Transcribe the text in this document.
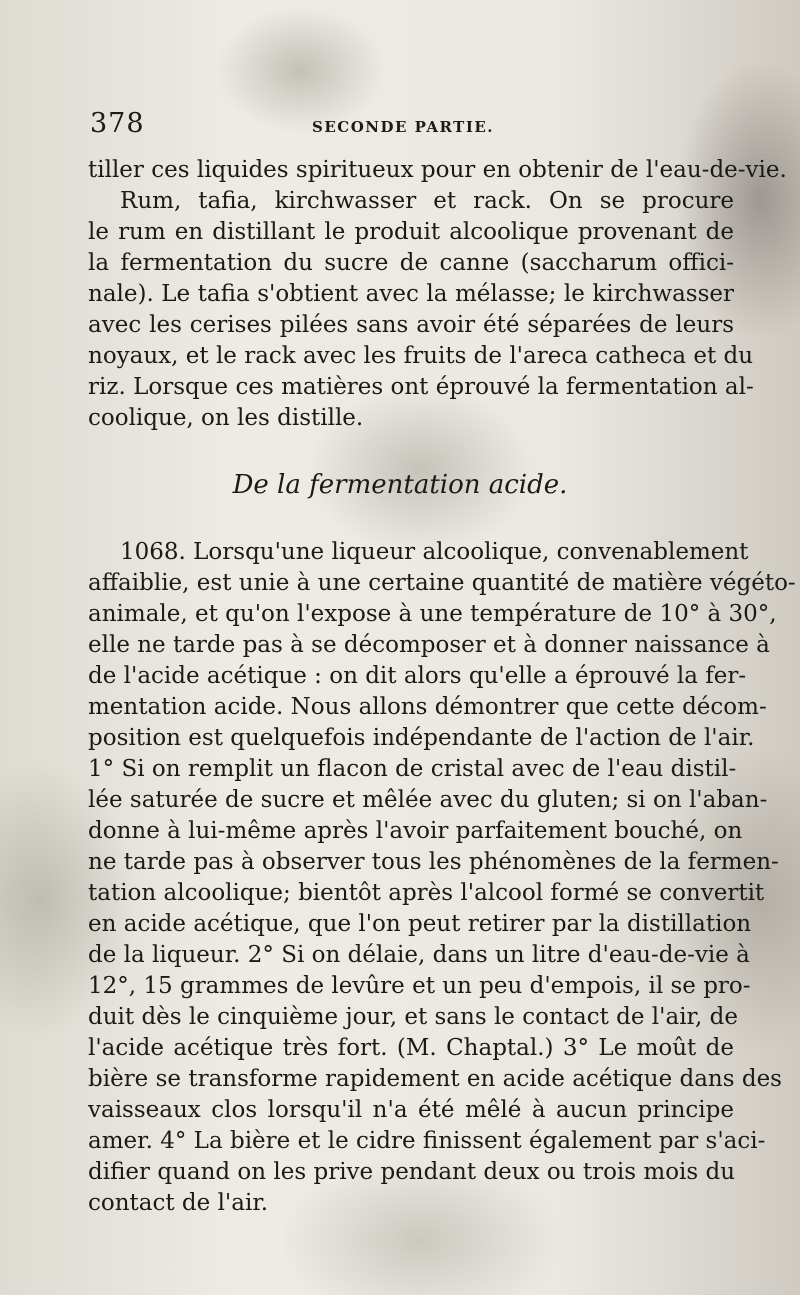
378	SECONDE PARTIE.
tiller ces liquides spiritueux pour en obtenir de l'eau-de-vie.
Rum, tafia, kirchwasser et rack. On se procure
le rum en distillant le produit alcoolique provenant de
la fermentation du sucre de canne (saccharum offici-
nale). Le tafia s'obtient avec la mélasse; le kirchwasser
avec les cerises pilées sans avoir été séparées de leurs
noyaux, et le rack avec les fruits de l'areca catheca et du
riz. Lorsque ces matières ont éprouvé la fermentation al-
coolique, on les distille.
De la fermentation acide.
1068. Lorsqu'une liqueur alcoolique, convenablement
affaiblie, est unie à une certaine quantité de matière végéto-
animale, et qu'on l'expose à une température de 10° à 30°,
elle ne tarde pas à se décomposer et à donner naissance à
de l'acide acétique : on dit alors qu'elle a éprouvé la fer-
mentation acide. Nous allons démontrer que cette décom-
position est quelquefois indépendante de l'action de l'air.
1° Si on remplit un flacon de cristal avec de l'eau distil-
lée saturée de sucre et mêlée avec du gluten; si on l'aban-
donne à lui-même après l'avoir parfaitement bouché, on
ne tarde pas à observer tous les phénomènes de la fermen-
tation alcoolique; bientôt après l'alcool formé se convertit
en acide acétique, que l'on peut retirer par la distillation
de la liqueur. 2° Si on délaie, dans un litre d'eau-de-vie à
12°, 15 grammes de levûre et un peu d'empois, il se pro-
duit dès le cinquième jour, et sans le contact de l'air, de
l'acide acétique très fort. (M. Chaptal.) 3° Le moût de
bière se transforme rapidement en acide acétique dans des
vaisseaux clos lorsqu'il n'a été mêlé à aucun principe
amer. 4° La bière et le cidre finissent également par s'aci-
difier quand on les prive pendant deux ou trois mois du
contact de l'air.
